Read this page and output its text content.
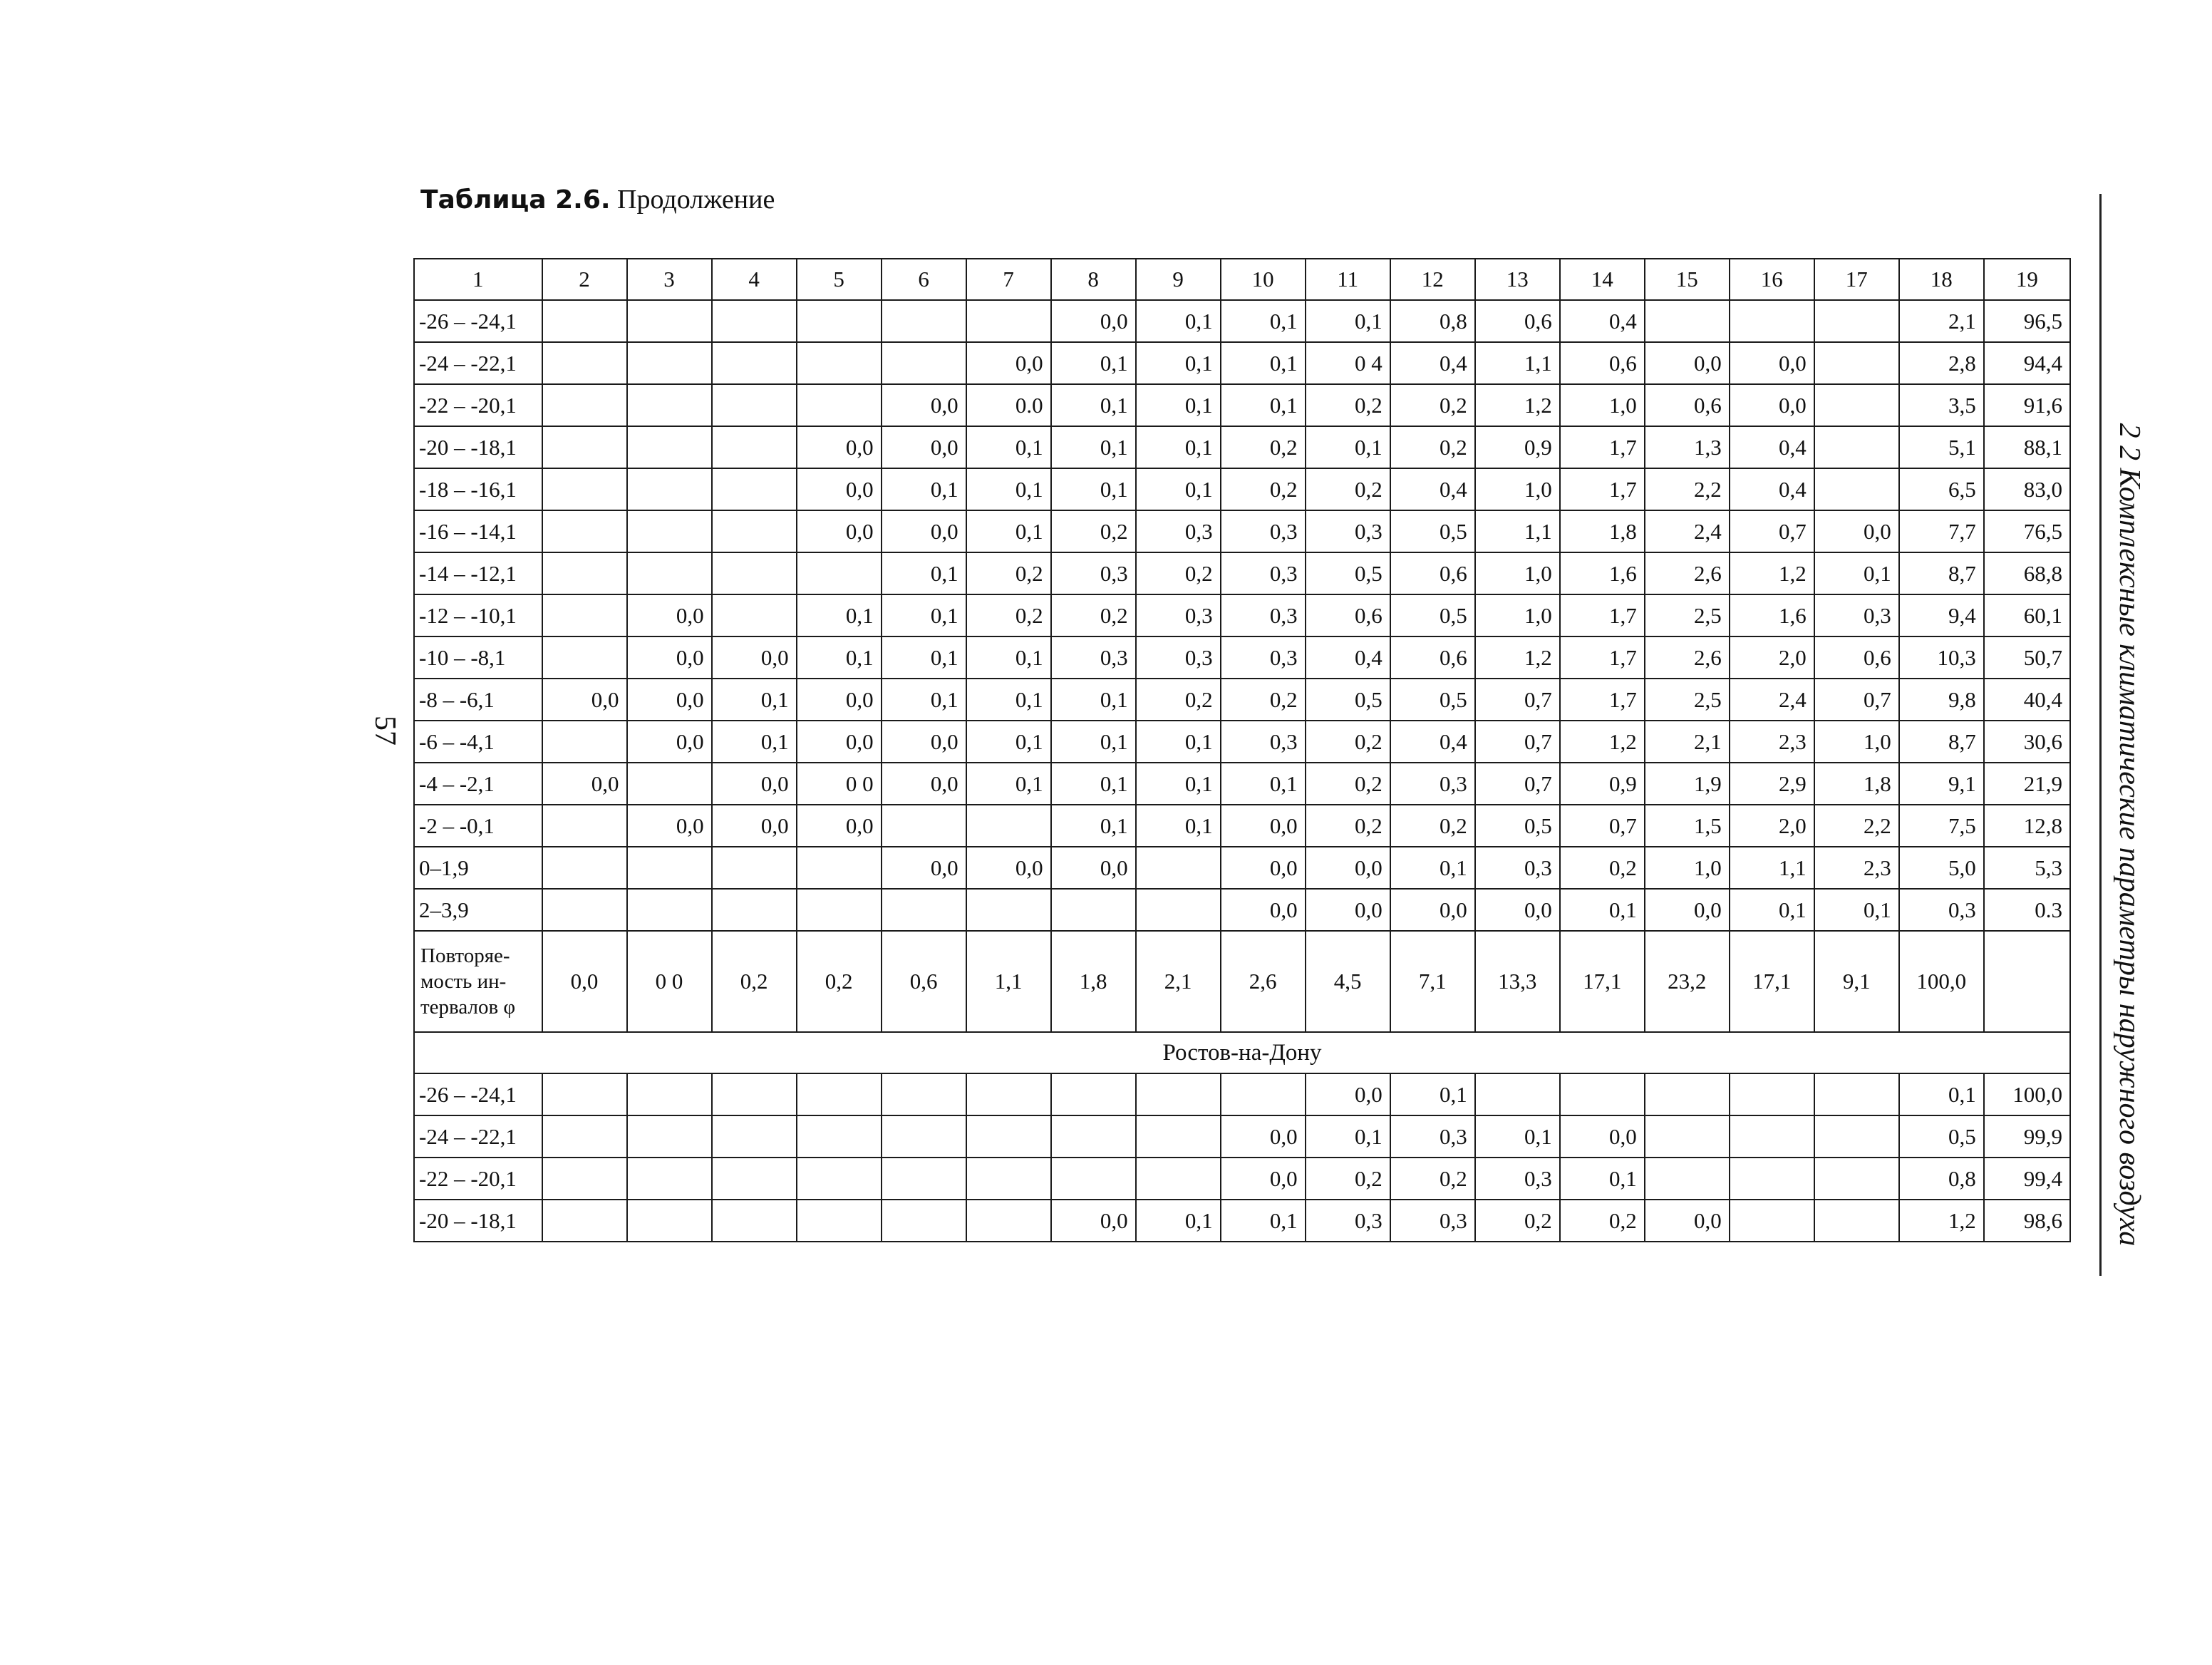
Таблица 2.6. Продолжение
57	2 2 Комплексные климатические параметры наружного воздуха
1	2	3	4	5	6	7	8	9	10	11	12	13	14	15	16	17	18	19
-26 – -24,1							0,0	0,1	0,1	0,1	0,8	0,6	0,4				2,1	96,5
-24 – -22,1						0,0	0,1	0,1	0,1	0 4	0,4	1,1	0,6	0,0	0,0		2,8	94,4
-22 – -20,1					0,0	0.0	0,1	0,1	0,1	0,2	0,2	1,2	1,0	0,6	0,0		3,5	91,6
-20 – -18,1				0,0	0,0	0,1	0,1	0,1	0,2	0,1	0,2	0,9	1,7	1,3	0,4		5,1	88,1
-18 – -16,1				0,0	0,1	0,1	0,1	0,1	0,2	0,2	0,4	1,0	1,7	2,2	0,4		6,5	83,0
-16 – -14,1				0,0	0,0	0,1	0,2	0,3	0,3	0,3	0,5	1,1	1,8	2,4	0,7	0,0	7,7	76,5
-14 – -12,1					0,1	0,2	0,3	0,2	0,3	0,5	0,6	1,0	1,6	2,6	1,2	0,1	8,7	68,8
-12 – -10,1		0,0		0,1	0,1	0,2	0,2	0,3	0,3	0,6	0,5	1,0	1,7	2,5	1,6	0,3	9,4	60,1
-10 – -8,1		0,0	0,0	0,1	0,1	0,1	0,3	0,3	0,3	0,4	0,6	1,2	1,7	2,6	2,0	0,6	10,3	50,7
-8 – -6,1	0,0	0,0	0,1	0,0	0,1	0,1	0,1	0,2	0,2	0,5	0,5	0,7	1,7	2,5	2,4	0,7	9,8	40,4
-6 – -4,1		0,0	0,1	0,0	0,0	0,1	0,1	0,1	0,3	0,2	0,4	0,7	1,2	2,1	2,3	1,0	8,7	30,6
-4 – -2,1	0,0		0,0	0 0	0,0	0,1	0,1	0,1	0,1	0,2	0,3	0,7	0,9	1,9	2,9	1,8	9,1	21,9
-2 – -0,1		0,0	0,0	0,0			0,1	0,1	0,0	0,2	0,2	0,5	0,7	1,5	2,0	2,2	7,5	12,8
0–1,9					0,0	0,0	0,0		0,0	0,0	0,1	0,3	0,2	1,0	1,1	2,3	5,0	5,3
2–3,9									0,0	0,0	0,0	0,0	0,1	0,0	0,1	0,1	0,3	0.3
Повторяе-мость ин-тервалов φ	0,0	0 0	0,2	0,2	0,6	1,1	1,8	2,1	2,6	4,5	7,1	13,3	17,1	23,2	17,1	9,1	100,0	
Ростов-на-Дону																		
-26 – -24,1										0,0	0,1						0,1	100,0
-24 – -22,1									0,0	0,1	0,3	0,1	0,0				0,5	99,9
-22 – -20,1									0,0	0,2	0,2	0,3	0,1				0,8	99,4
-20 – -18,1							0,0	0,1	0,1	0,3	0,3	0,2	0,2	0,0			1,2	98,6
